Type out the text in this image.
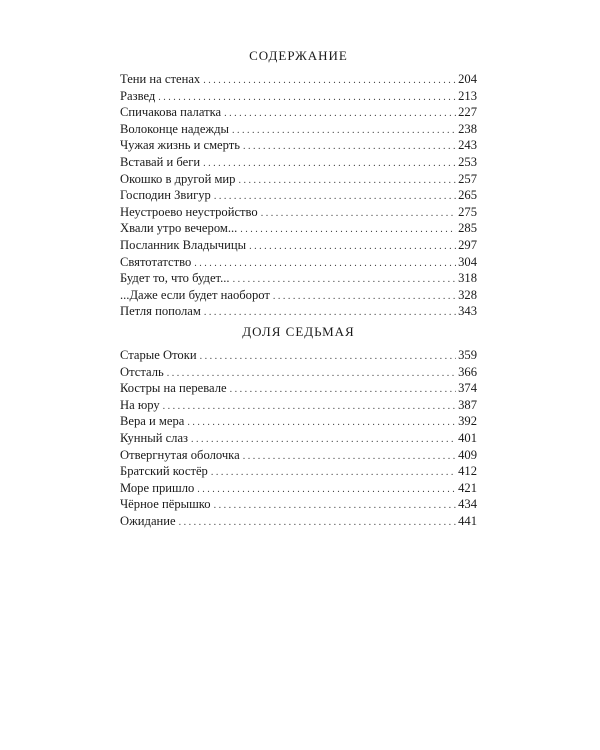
СОДЕРЖАНИЕ
Тени на стенах . . .	204
Развед . . .	213
Спичакова палатка . . .	227
Волоконце надежды . . .	238
Чужая жизнь и смерть . . .	243
Вставай и беги . . .	253
Окошко в другой мир . . .	257
Господин Звигур . . .	265
Неустроево неустройство . . .	275
Хвали утро вечером... . . .	285
Посланник Владычицы . . .	297
Святотатство . . .	304
Будет то, что будет... . . .	318
...Даже если будет наоборот . . .	328
Петля пополам . . .	343
ДОЛЯ СЕДЬМАЯ
Старые Отоки . . .	359
Отсталь . . .	366
Костры на перевале . . .	374
На юру . . .	387
Вера и мера . . .	392
Кунный слаз . . .	401
Отвергнутая оболочка . . .	409
Братский костёр . . .	412
Море пришло . . .	421
Чёрное пёрышко . . .	434
Ожидание . . .	441
